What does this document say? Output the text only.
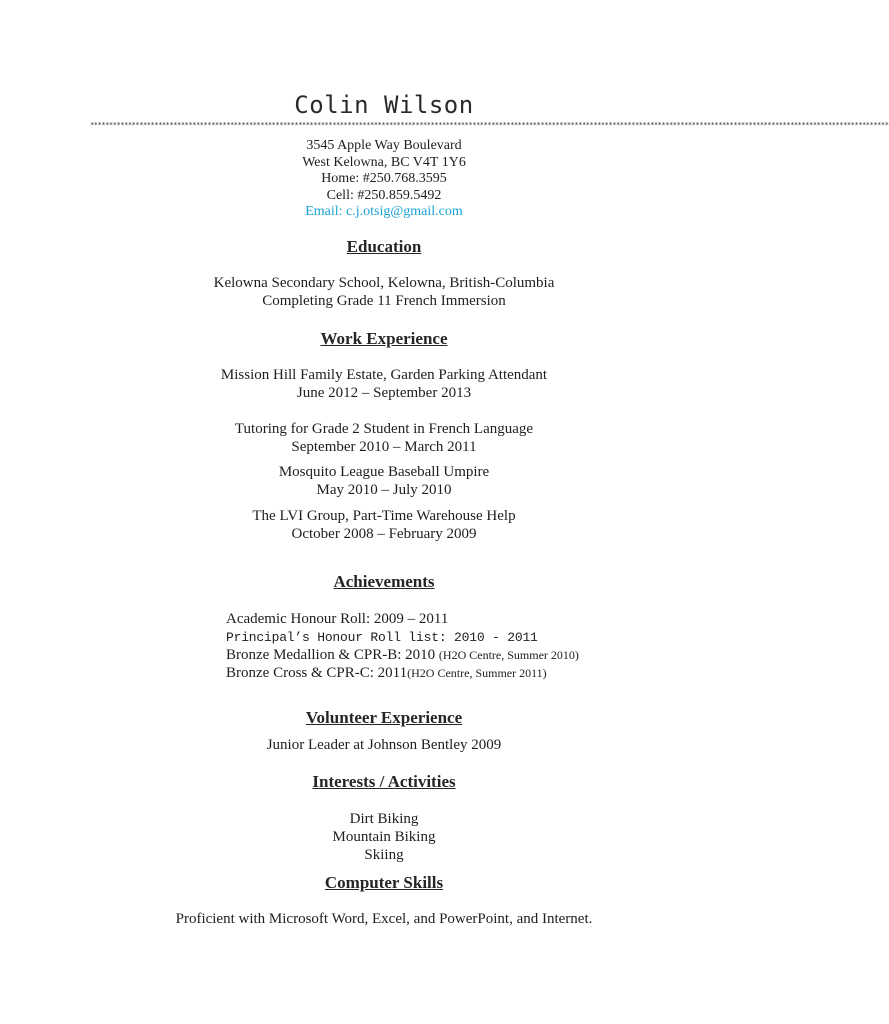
Colin Wilson
*******************************************************************************************************************************************************************************************************************
3545 Apple Way Boulevard
West Kelowna, BC V4T 1Y6
Home: #250.768.3595
Cell: #250.859.5492
Email: c.j.otsig@gmail.com
Education
Kelowna Secondary School, Kelowna, British-Columbia
Completing Grade 11 French Immersion
Work Experience
Mission Hill Family Estate, Garden Parking Attendant
June 2012 – September 2013
Tutoring for Grade 2 Student in French Language
September 2010 – March 2011
Mosquito League Baseball Umpire
May 2010 – July 2010
The LVI Group, Part-Time Warehouse Help
October 2008 – February 2009
Achievements
Academic Honour Roll: 2009 – 2011
Principal’s Honour Roll list: 2010 - 2011
Bronze Medallion & CPR-B: 2010 (H2O Centre, Summer 2010)
Bronze Cross & CPR-C: 2011(H2O Centre, Summer 2011)
Volunteer Experience
Junior Leader at Johnson Bentley 2009
Interests / Activities
Dirt Biking
Mountain Biking
Skiing
Computer Skills
Proficient with Microsoft Word, Excel, and PowerPoint, and Internet.
